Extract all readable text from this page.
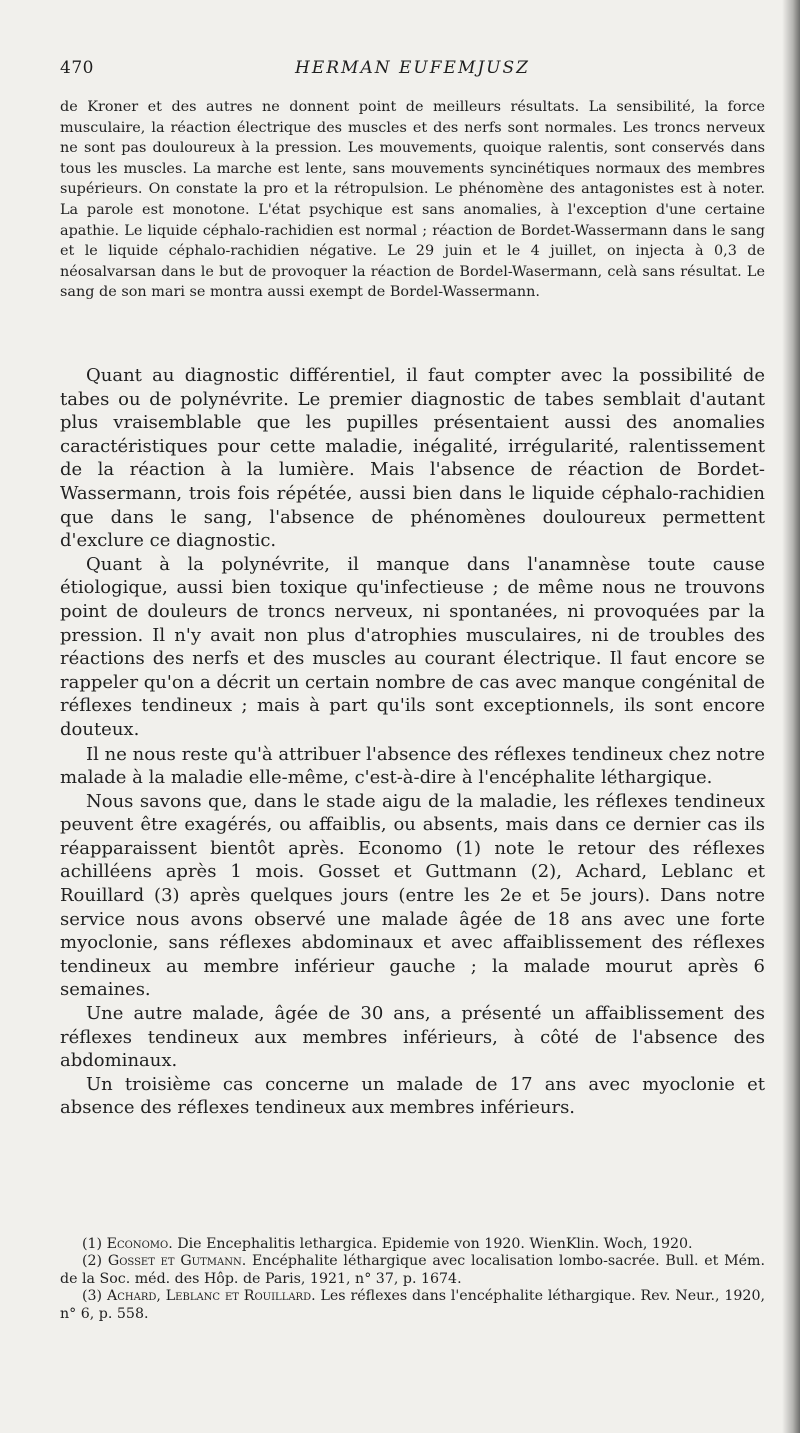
470	HERMAN EUFEMJUSZ

de Kroner et des autres ne donnent point de meilleurs résultats. La sensibilité, la force musculaire, la réaction électrique des muscles et des nerfs sont normales. Les troncs nerveux ne sont pas douloureux à la pression. Les mouvements, quoique ralentis, sont conservés dans tous les muscles. La marche est lente, sans mouvements syncinétiques normaux des membres supérieurs. On constate la pro et la rétropulsion. Le phénomène des antagonistes est à noter. La parole est monotone. L'état psychique est sans anomalies, à l'exception d'une certaine apathie. Le liquide céphalo-rachidien est normal ; réaction de Bordet-Wassermann dans le sang et le liquide céphalo-rachidien négative. Le 29 juin et le 4 juillet, on injecta à 0,3 de néosalvarsan dans le but de provoquer la réaction de Bordel-Wasermann, celà sans résultat. Le sang de son mari se montra aussi exempt de Bordel-Wassermann.

Quant au diagnostic différentiel, il faut compter avec la possibilité de tabes ou de polynévrite. Le premier diagnostic de tabes semblait d'autant plus vraisemblable que les pupilles présentaient aussi des anomalies caractéristiques pour cette maladie, inégalité, irrégularité, ralentissement de la réaction à la lumière. Mais l'absence de réaction de Bordet-Wassermann, trois fois répétée, aussi bien dans le liquide céphalo-rachidien que dans le sang, l'absence de phénomènes douloureux permettent d'exclure ce diagnostic.

Quant à la polynévrite, il manque dans l'anamnèse toute cause étiologique, aussi bien toxique qu'infectieuse ; de même nous ne trouvons point de douleurs de troncs nerveux, ni spontanées, ni provoquées par la pression. Il n'y avait non plus d'atrophies musculaires, ni de troubles des réactions des nerfs et des muscles au courant électrique. Il faut encore se rappeler qu'on a décrit un certain nombre de cas avec manque congénital de réflexes tendineux ; mais à part qu'ils sont exceptionnels, ils sont encore douteux.

Il ne nous reste qu'à attribuer l'absence des réflexes tendineux chez notre malade à la maladie elle-même, c'est-à-dire à l'encéphalite léthargique.

Nous savons que, dans le stade aigu de la maladie, les réflexes tendineux peuvent être exagérés, ou affaiblis, ou absents, mais dans ce dernier cas ils réapparaissent bientôt après. Economo (1) note le retour des réflexes achilléens après 1 mois. Gosset et Guttmann (2), Achard, Leblanc et Rouillard (3) après quelques jours (entre les 2e et 5e jours). Dans notre service nous avons observé une malade âgée de 18 ans avec une forte myoclonie, sans réflexes abdominaux et avec affaiblissement des réflexes tendineux au membre inférieur gauche ; la malade mourut après 6 semaines.

Une autre malade, âgée de 30 ans, a présenté un affaiblissement des réflexes tendineux aux membres inférieurs, à côté de l'absence des abdominaux.

Un troisième cas concerne un malade de 17 ans avec myoclonie et absence des réflexes tendineux aux membres inférieurs.

(1) Economo. Die Encephalitis lethargica. Epidemie von 1920. WienKlin. Woch, 1920.

(2) Gosset et Gutmann. Encéphalite léthargique avec localisation lombo-sacrée. Bull. et Mém. de la Soc. méd. des Hôp. de Paris, 1921, n° 37, p. 1674.

(3) Achard, Leblanc et Rouillard. Les réflexes dans l'encéphalite léthargique. Rev. Neur., 1920, n° 6, p. 558.
